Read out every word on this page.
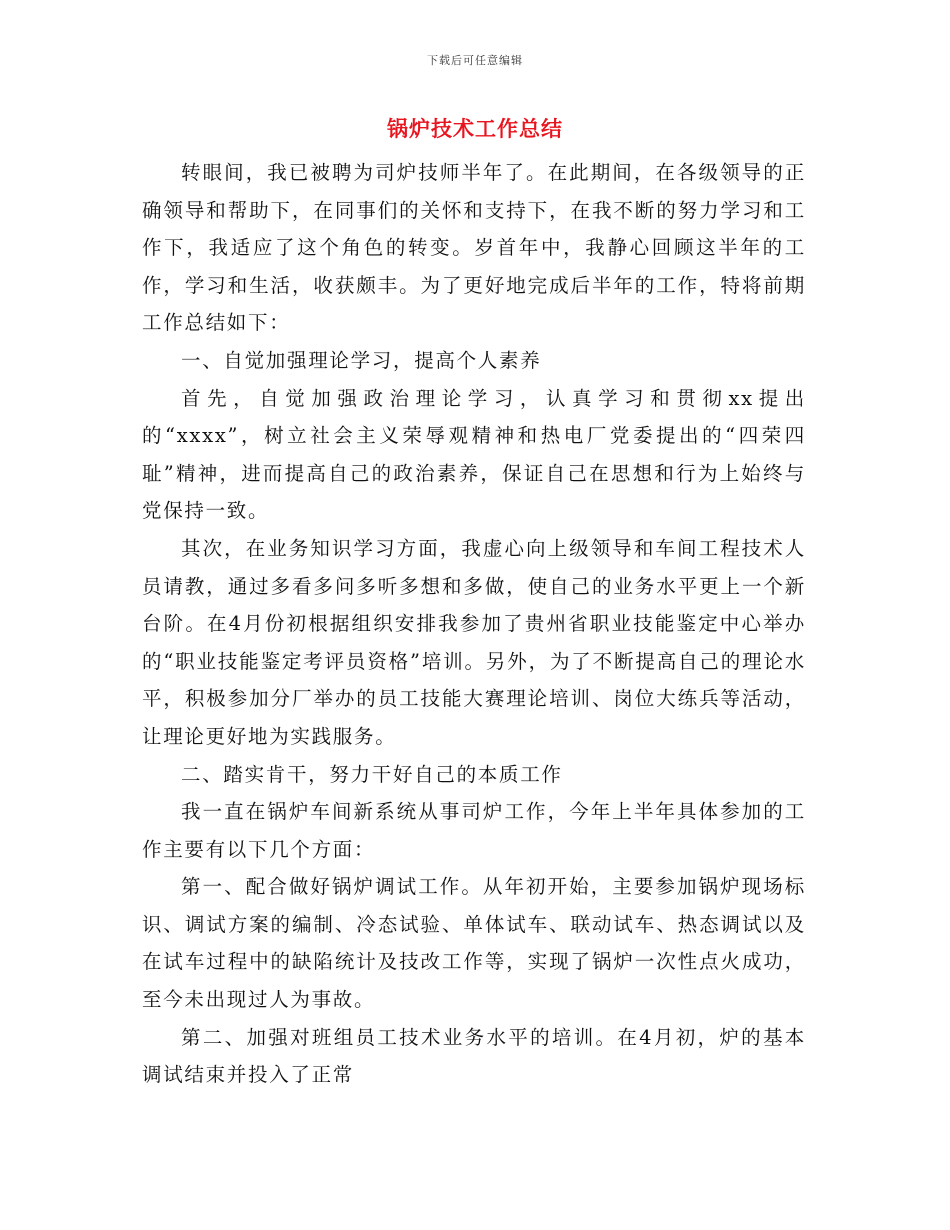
下载后可任意编辑
锅炉技术工作总结

转眼间，我已被聘为司炉技师半年了。在此期间，在各级领导的正确领导和帮助下，在同事们的关怀和支持下，在我不断的努力学习和工作下，我适应了这个角色的转变。岁首年中，我静心回顾这半年的工作，学习和生活，收获颇丰。为了更好地完成后半年的工作，特将前期工作总结如下：

一、自觉加强理论学习，提高个人素养

首先，自觉加强政治理论学习，认真学习和贯彻xx提出的“xxxx”，树立社会主义荣辱观精神和热电厂党委提出的“四荣四耻”精神，进而提高自己的政治素养，保证自己在思想和行为上始终与党保持一致。

其次，在业务知识学习方面，我虚心向上级领导和车间工程技术人员请教，通过多看多问多听多想和多做，使自己的业务水平更上一个新台阶。在4月份初根据组织安排我参加了贵州省职业技能鉴定中心举办的“职业技能鉴定考评员资格”培训。另外，为了不断提高自己的理论水平，积极参加分厂举办的员工技能大赛理论培训、岗位大练兵等活动，让理论更好地为实践服务。

二、踏实肯干，努力干好自己的本质工作

我一直在锅炉车间新系统从事司炉工作，今年上半年具体参加的工作主要有以下几个方面：

第一、配合做好锅炉调试工作。从年初开始，主要参加锅炉现场标识、调试方案的编制、冷态试验、单体试车、联动试车、热态调试以及在试车过程中的缺陷统计及技改工作等，实现了锅炉一次性点火成功，至今未出现过人为事故。

第二、加强对班组员工技术业务水平的培训。在4月初，炉的基本调试结束并投入了正常
